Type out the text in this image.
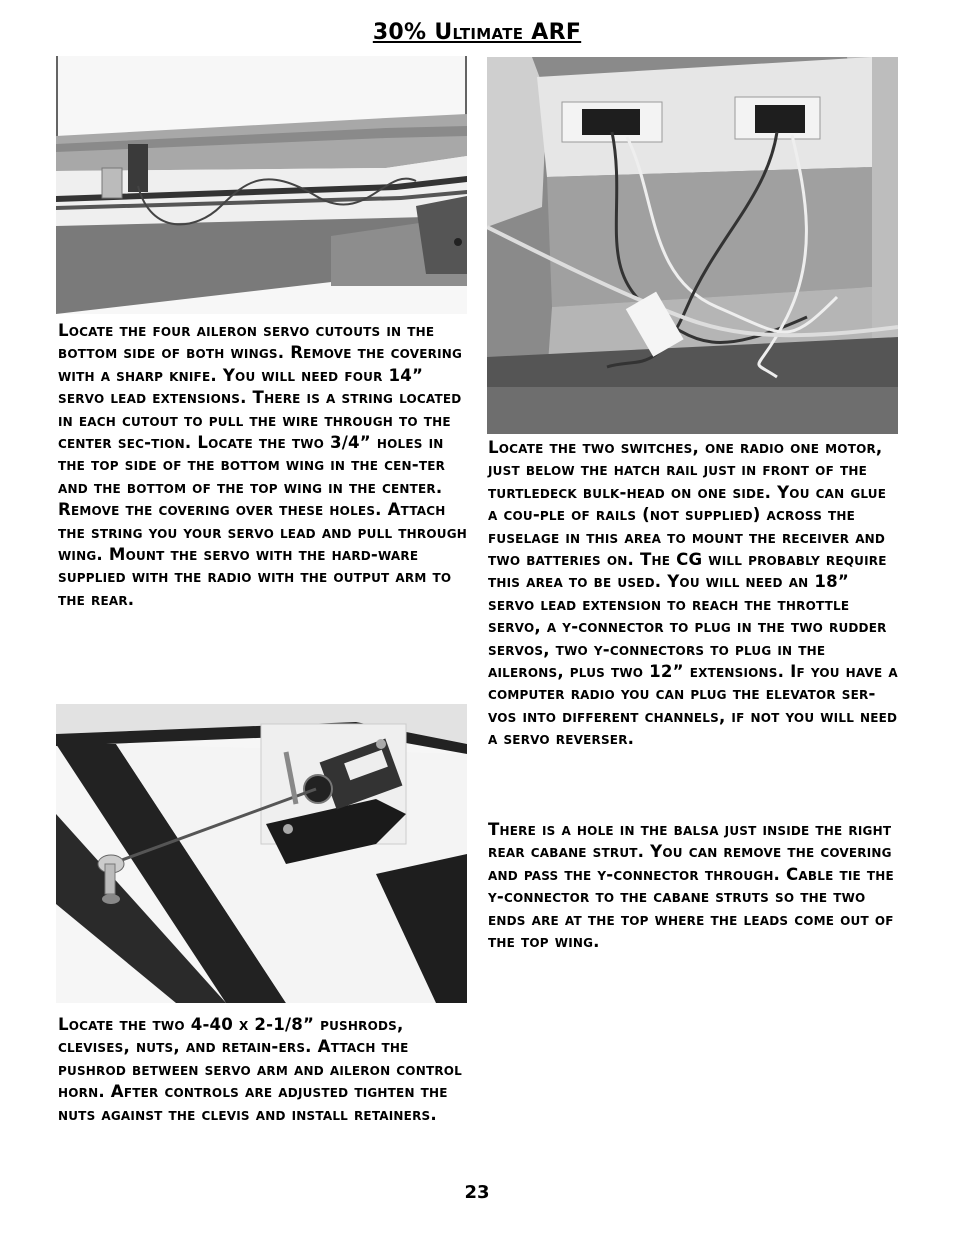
30% Ultimate ARF
Locate the four aileron servo cutouts in the bottom side of both wings. Remove the covering with a sharp knife. You will need four 14” servo lead extensions. There is a string located in each cutout to pull the wire through to the center sec-tion. Locate the two 3/4” holes in the top side of the bottom wing in the cen-ter and the bottom of the top wing in the center. Remove the covering over these holes. Attach the string you your servo lead and pull through wing. Mount the servo with the hard-ware supplied with the radio with the output arm to the rear.
Locate the two 4-40 x 2-1/8” pushrods, clevises, nuts, and retain-ers. Attach the pushrod between servo arm and aileron control horn. After controls are adjusted tighten the nuts against the clevis and install retainers.
Locate the two switches, one radio one motor, just below the hatch rail just in front of the turtledeck bulk-head on one side. You can glue a cou-ple of rails (not supplied) across the fuselage in this area to mount the receiver and two batteries on. The CG will probably require this area to be used. You will need an 18” servo lead extension to reach the throttle servo, a y-connector to plug in the two rudder servos, two y-connectors to plug in the ailerons, plus two 12” extensions. If you have a computer radio you can plug the elevator ser-vos into different channels, if not you will need a servo reverser.
There is a hole in the balsa just inside the right rear cabane strut. You can remove the covering and pass the y-connector through. Cable tie the y-connector to the cabane struts so the two ends are at the top where the leads come out of the top wing.
23
